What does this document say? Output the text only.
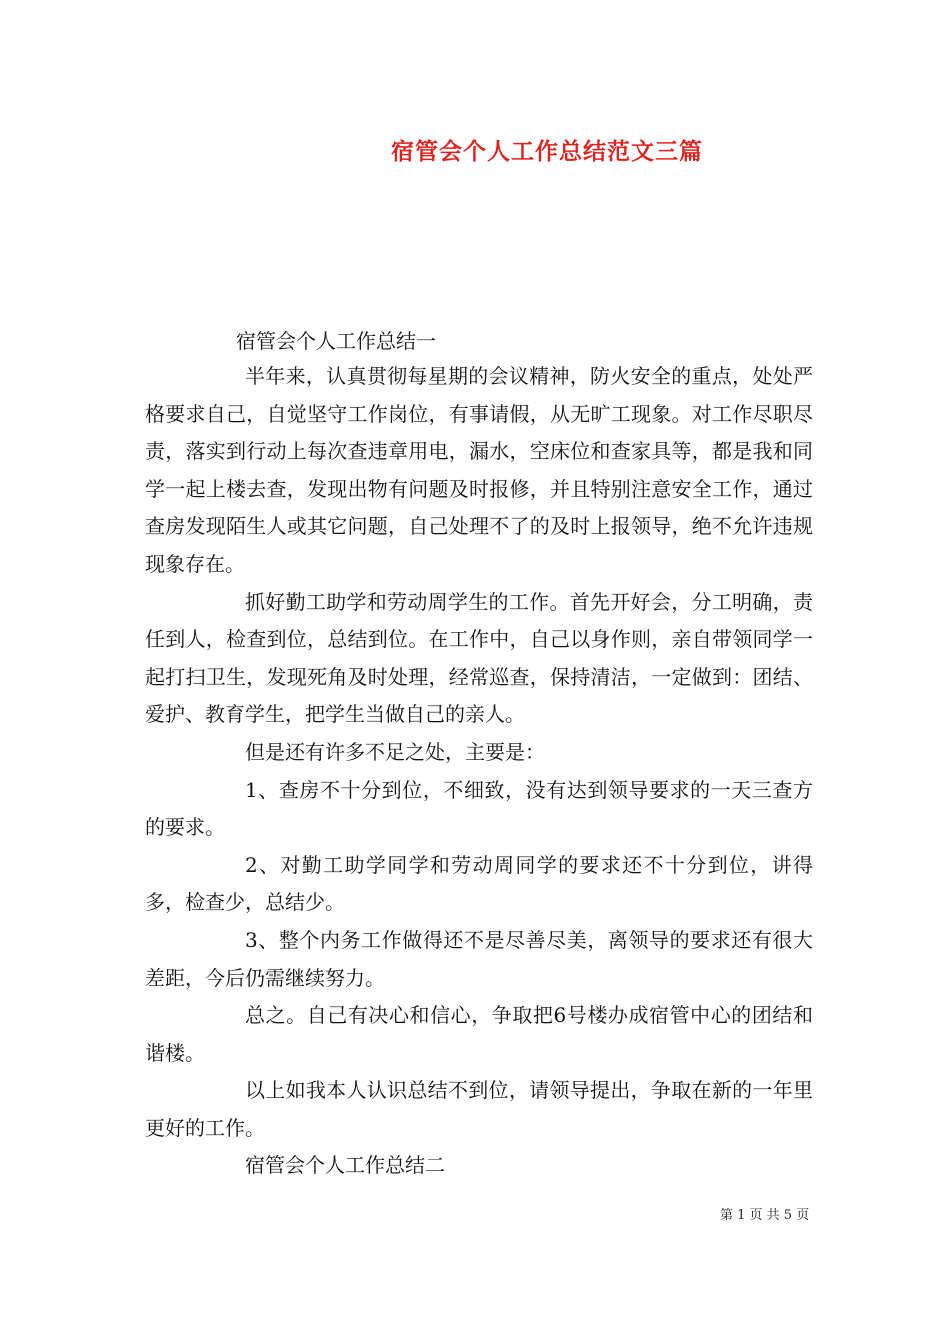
宿管会个人工作总结范文三篇
宿管会个人工作总结一

半年来，认真贯彻每星期的会议精神，防火安全的重点，处处严格要求自己，自觉坚守工作岗位，有事请假，从无旷工现象。对工作尽职尽责，落实到行动上每次查违章用电，漏水，空床位和查家具等，都是我和同学一起上楼去查，发现出物有问题及时报修，并且特别注意安全工作，通过查房发现陌生人或其它问题，自己处理不了的及时上报领导，绝不允许违规现象存在。

抓好勤工助学和劳动周学生的工作。首先开好会，分工明确，责任到人，检查到位，总结到位。在工作中，自己以身作则，亲自带领同学一起打扫卫生，发现死角及时处理，经常巡查，保持清洁，一定做到：团结、爱护、教育学生，把学生当做自己的亲人。

但是还有许多不足之处，主要是：

1、查房不十分到位，不细致，没有达到领导要求的一天三查方的要求。

2、对勤工助学同学和劳动周同学的要求还不十分到位，讲得多，检查少，总结少。

3、整个内务工作做得还不是尽善尽美，离领导的要求还有很大差距，今后仍需继续努力。

总之。自己有决心和信心，争取把6号楼办成宿管中心的团结和谐楼。

以上如我本人认识总结不到位，请领导提出，争取在新的一年里更好的工作。

宿管会个人工作总结二

第 1 页 共 5 页
